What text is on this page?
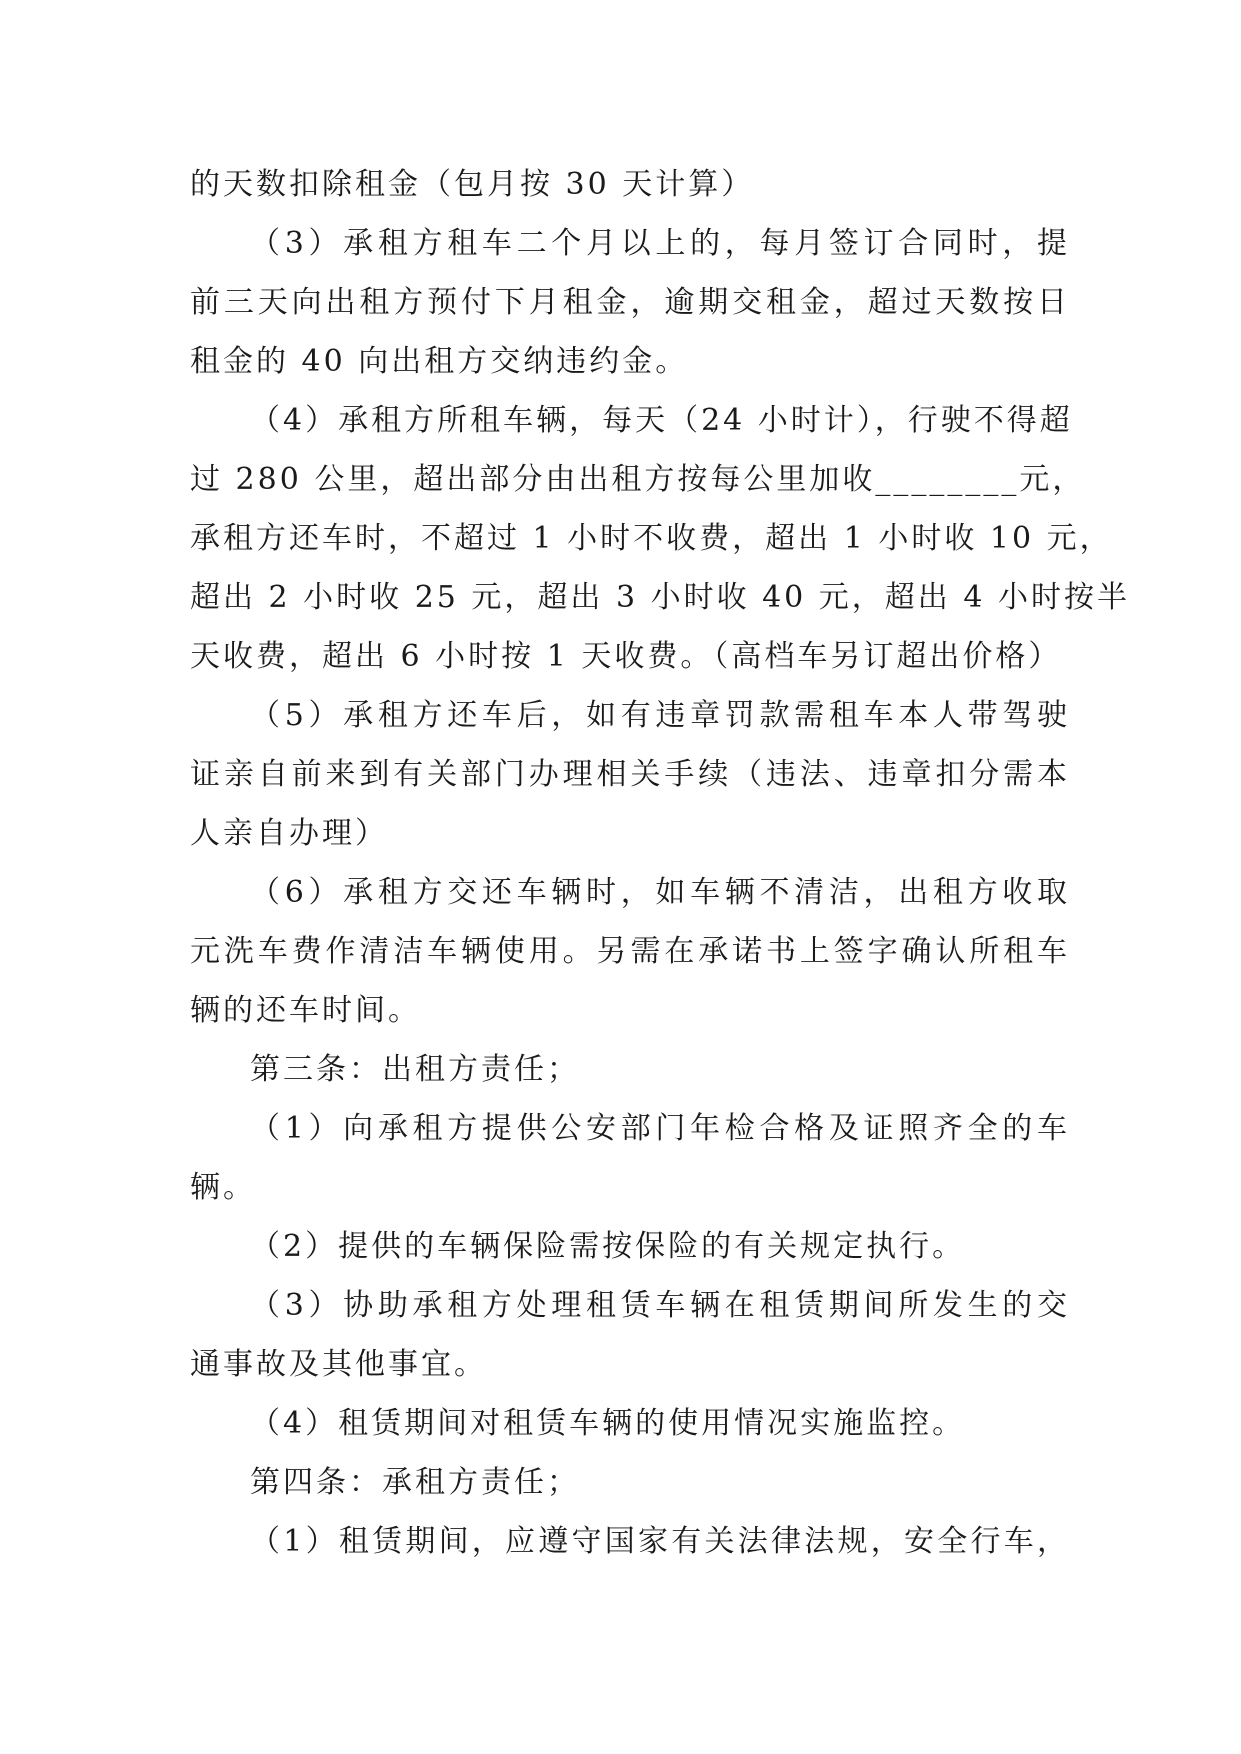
的天数扣除租金（包月按 30 天计算）
（3）承租方租车二个月以上的，每月签订合同时，提
前三天向出租方预付下月租金，逾期交租金，超过天数按日
租金的 40 向出租方交纳违约金。
（4）承租方所租车辆，每天（24 小时计），行驶不得超
过 280 公里，超出部分由出租方按每公里加收________元，
承租方还车时，不超过 1 小时不收费，超出 1 小时收 10 元，
超出 2 小时收 25 元，超出 3 小时收 40 元，超出 4 小时按半
天收费，超出 6 小时按 1 天收费。（高档车另订超出价格）
（5）承租方还车后，如有违章罚款需租车本人带驾驶
证亲自前来到有关部门办理相关手续（违法、违章扣分需本
人亲自办理）
（6）承租方交还车辆时，如车辆不清洁，出租方收取
元洗车费作清洁车辆使用。另需在承诺书上签字确认所租车
辆的还车时间。
第三条：出租方责任；
（1）向承租方提供公安部门年检合格及证照齐全的车
辆。
（2）提供的车辆保险需按保险的有关规定执行。
（3）协助承租方处理租赁车辆在租赁期间所发生的交
通事故及其他事宜。
（4）租赁期间对租赁车辆的使用情况实施监控。
第四条：承租方责任；
（1）租赁期间，应遵守国家有关法律法规，安全行车，
